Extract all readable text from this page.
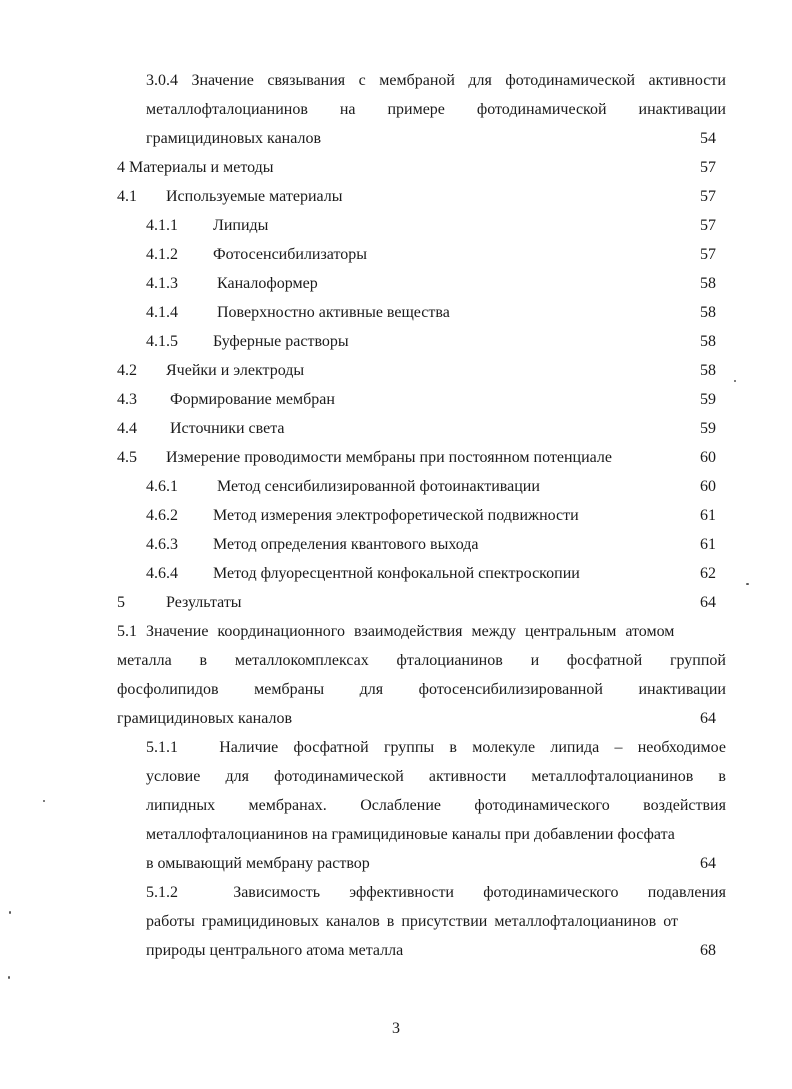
3.0.4 Значение связывания с мембраной для фотодинамической активности
металлофталоцианинов на примере фотодинамической инактивации
грамицидиновых каналов	54
4 Материалы и методы	57
4.1 Используемые материалы	57
4.1.1 Липиды	57
4.1.2 Фотосенсибилизаторы	57
4.1.3 Каналоформер	58
4.1.4 Поверхностно активные вещества	58
4.1.5 Буферные растворы	58
4.2 Ячейки и электроды	58
4.3 Формирование мембран	59
4.4 Источники света	59
4.5 Измерение проводимости мембраны при постоянном потенциале	60
4.6.1 Метод сенсибилизированной фотоинактивации	60
4.6.2 Метод измерения электрофоретической подвижности	61
4.6.3 Метод определения квантового выхода	61
4.6.4 Метод флуоресцентной конфокальной спектроскопии	62
5	Результаты	64
5.1 Значение координационного взаимодействия между центральным атомом
металла в металлокомплексах фталоцианинов и фосфатной группой
фосфолипидов мембраны для фотосенсибилизированной инактивации
грамицидиновых каналов	64
5.1.1	Наличие фосфатной группы в молекуле липида – необходимое
условие для фотодинамической активности металлофталоцианинов в
липидных мембранах. Ослабление фотодинамического воздействия
металлофталоцианинов на грамицидиновые каналы при добавлении фосфата
в омывающий мембрану раствор	64
5.1.2	Зависимость эффективности фотодинамического подавления
работы грамицидиновых каналов в присутствии металлофталоцианинов от
природы центрального атома металла	68
3
